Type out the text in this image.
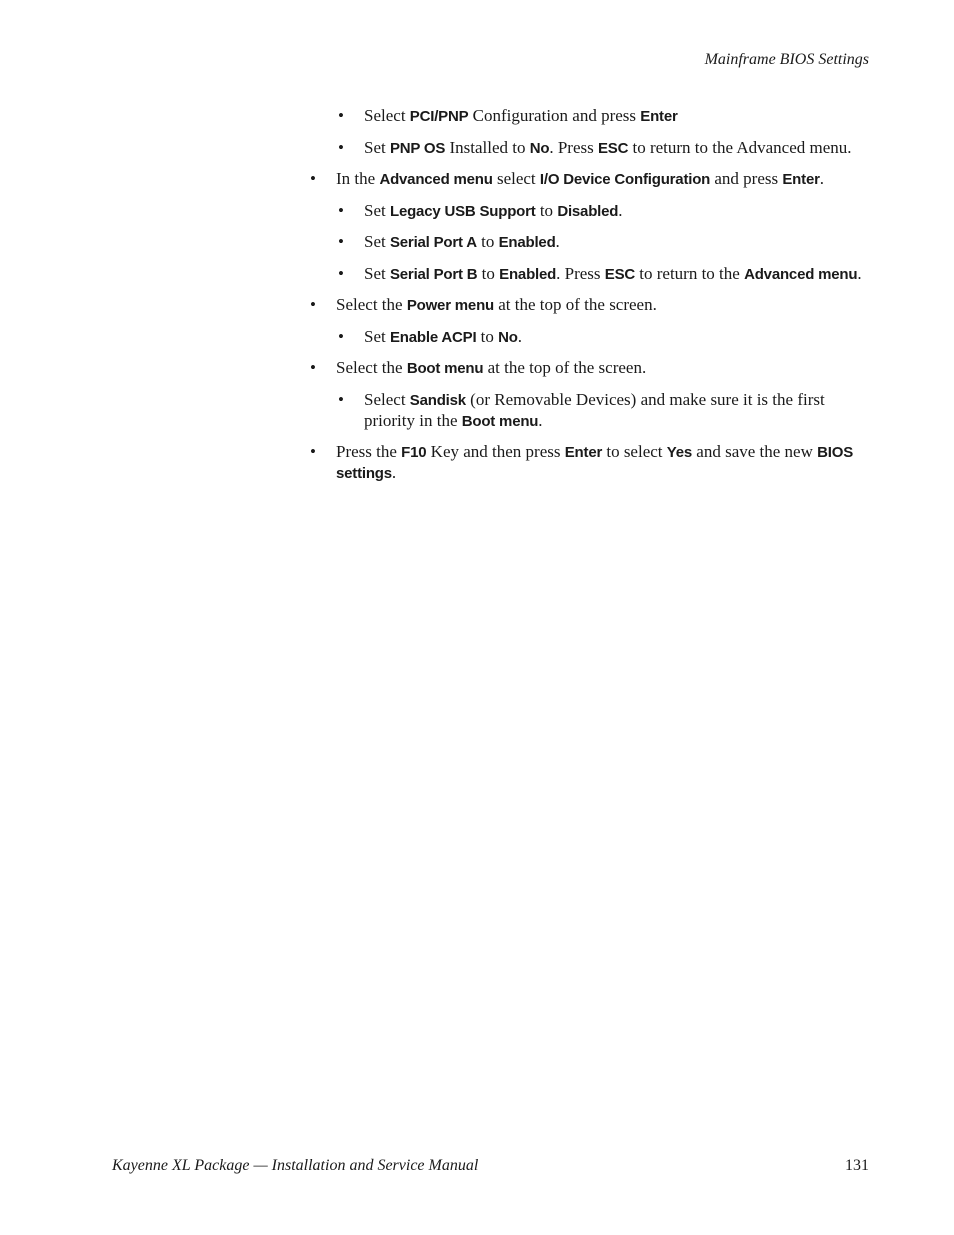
Mainframe BIOS Settings
• Select PCI/PNP Configuration and press Enter
• Set PNP OS Installed to No. Press ESC to return to the Advanced menu.
• In the Advanced menu select I/O Device Configuration and press Enter.
• Set Legacy USB Support to Disabled.
• Set Serial Port A to Enabled.
• Set Serial Port B to Enabled. Press ESC to return to the Advanced menu.
• Select the Power menu at the top of the screen.
• Set Enable ACPI to No.
• Select the Boot menu at the top of the screen.
• Select Sandisk (or Removable Devices) and make sure it is the first priority in the Boot menu.
• Press the F10 Key and then press Enter to select Yes and save the new BIOS settings.
Kayenne XL Package — Installation and Service Manual	131
